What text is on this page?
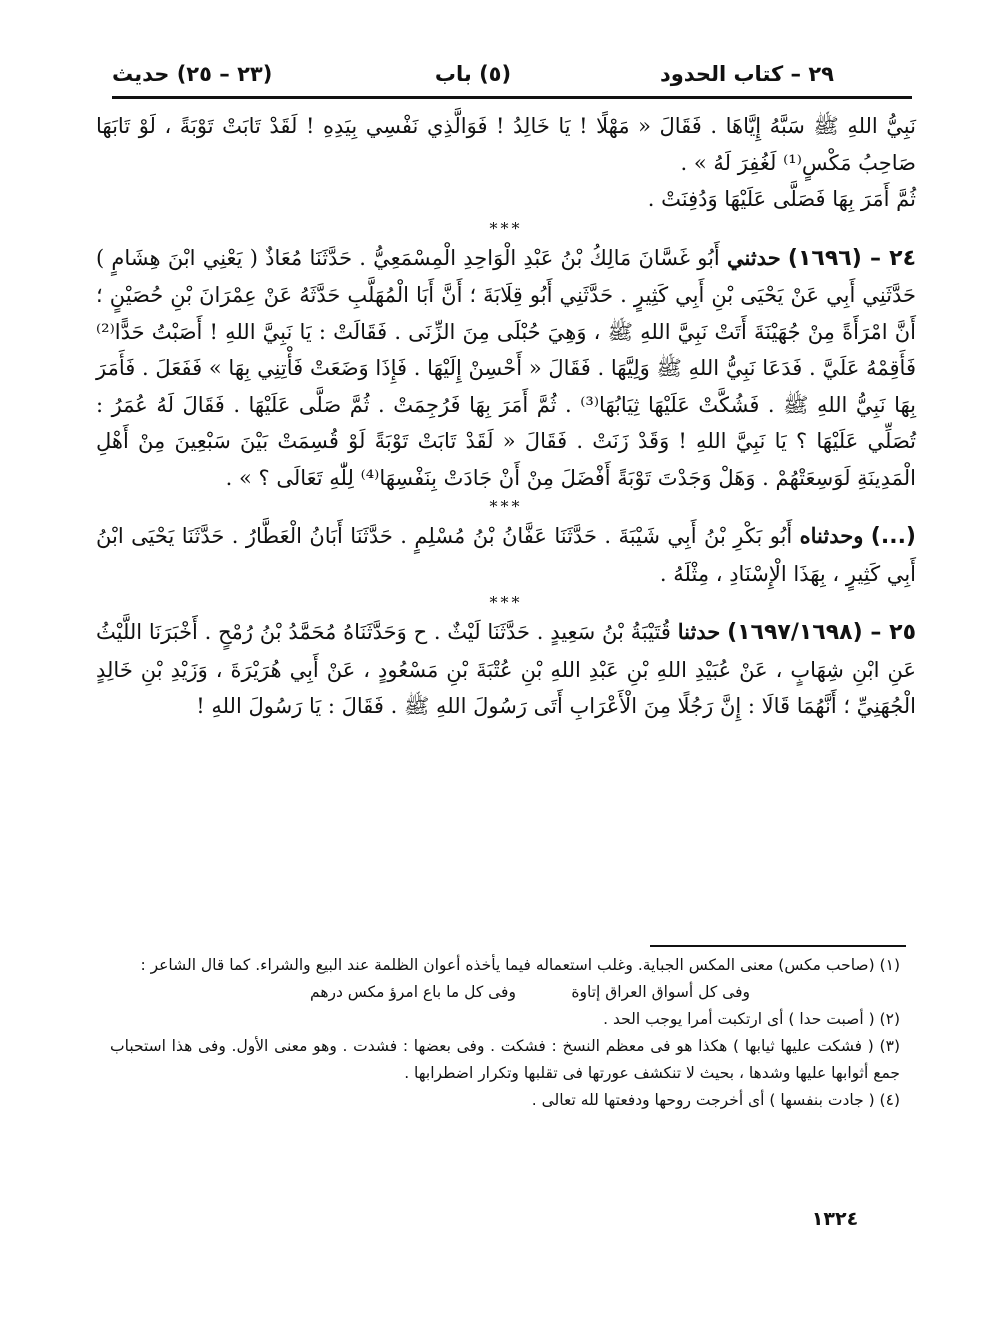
٢٩ – كتاب الحدود
(٥) باب
(٢٣ – ٢٥) حديث

نَبِيُّ اللهِ ﷺ سَبَّهُ إِيَّاهَا . فَقَالَ « مَهْلًا ! يَا خَالِدُ ! فَوَالَّذِي نَفْسِي بِيَدِهِ ! لَقَدْ تَابَتْ تَوْبَةً ، لَوْ تَابَهَا صَاحِبُ مَكْسٍ⁽¹⁾ لَغُفِرَ لَهُ » .

ثُمَّ أَمَرَ بِهَا فَصَلَّى عَلَيْهَا وَدُفِنَتْ .

***

٢٤ – (١٦٩٦) حدثني أَبُو غَسَّانَ مَالِكُ بْنُ عَبْدِ الْوَاحِدِ الْمِسْمَعِيُّ . حَدَّثَنَا مُعَاذٌ ( يَعْنِي ابْنَ هِشَامٍ ) حَدَّثَنِي أَبِي عَنْ يَحْيَى بْنِ أَبِي كَثِيرٍ . حَدَّثَنِي أَبُو قِلَابَةَ ؛ أَنَّ أَبَا الْمُهَلَّبِ حَدَّثَهُ عَنْ عِمْرَانَ بْنِ حُصَيْنٍ ؛ أَنَّ امْرَأَةً مِنْ جُهَيْنَةَ أَتَتْ نَبِيَّ اللهِ ﷺ ، وَهِيَ حُبْلَى مِنَ الزِّنَى . فَقَالَتْ : يَا نَبِيَّ اللهِ ! أَصَبْتُ حَدًّا⁽²⁾ فَأَقِمْهُ عَلَيَّ . فَدَعَا نَبِيُّ اللهِ ﷺ وَلِيَّهَا . فَقَالَ « أَحْسِنْ إِلَيْهَا . فَإِذَا وَضَعَتْ فَأْتِنِي بِهَا » فَفَعَلَ . فَأَمَرَ بِهَا نَبِيُّ اللهِ ﷺ . فَشُكَّتْ عَلَيْهَا ثِيَابُهَا⁽³⁾ . ثُمَّ أَمَرَ بِهَا فَرُجِمَتْ . ثُمَّ صَلَّى عَلَيْهَا . فَقَالَ لَهُ عُمَرُ : تُصَلِّي عَلَيْهَا ؟ يَا نَبِيَّ اللهِ ! وَقَدْ زَنَتْ . فَقَالَ « لَقَدْ تَابَتْ تَوْبَةً لَوْ قُسِمَتْ بَيْنَ سَبْعِينَ مِنْ أَهْلِ الْمَدِينَةِ لَوَسِعَتْهُمْ . وَهَلْ وَجَدْتَ تَوْبَةً أَفْضَلَ مِنْ أَنْ جَادَتْ بِنَفْسِهَا⁽⁴⁾ لِلّٰهِ تَعَالَى ؟ » .

***

(...) وحدثناه أَبُو بَكْرِ بْنُ أَبِي شَيْبَةَ . حَدَّثَنَا عَفَّانُ بْنُ مُسْلِمٍ . حَدَّثَنَا أَبَانُ الْعَطَّارُ . حَدَّثَنَا يَحْيَى ابْنُ أَبِي كَثِيرٍ ، بِهَذَا الْإِسْنَادِ ، مِثْلَهُ .

***

٢٥ – (١٦٩٧/١٦٩٨) حدثنا قُتَيْبَةُ بْنُ سَعِيدٍ . حَدَّثَنَا لَيْثٌ . ح وَحَدَّثَنَاهُ مُحَمَّدُ بْنُ رُمْحٍ . أَخْبَرَنَا اللَّيْثُ عَنِ ابْنِ شِهَابٍ ، عَنْ عُبَيْدِ اللهِ بْنِ عَبْدِ اللهِ بْنِ عُتْبَةَ بْنِ مَسْعُودٍ ، عَنْ أَبِي هُرَيْرَةَ ، وَزَيْدِ بْنِ خَالِدٍ الْجُهَنِيِّ ؛ أَنَّهُمَا قَالَا : إِنَّ رَجُلًا مِنَ الْأَعْرَابِ أَتَى رَسُولَ اللهِ ﷺ . فَقَالَ : يَا رَسُولَ اللهِ !

(١) (صاحب مكس) معنى المكس الجباية. وغلب استعماله فيما يأخذه أعوان الظلمة عند البيع والشراء. كما قال الشاعر :

وفى كل أسواق العراق إتاوة
وفى كل ما باع امرؤ مكس درهم

(٢) ( أصبت حدا ) أى ارتكبت أمرا يوجب الحد .

(٣) ( فشكت عليها ثيابها ) هكذا هو فى معظم النسخ : فشكت . وفى بعضها : فشدت . وهو معنى الأول. وفى هذا استحباب جمع أثوابها عليها وشدها ، بحيث لا تنكشف عورتها فى تقلبها وتكرار اضطرابها .

(٤) ( جادت بنفسها ) أى أخرجت روحها ودفعتها لله تعالى .

١٣٢٤
